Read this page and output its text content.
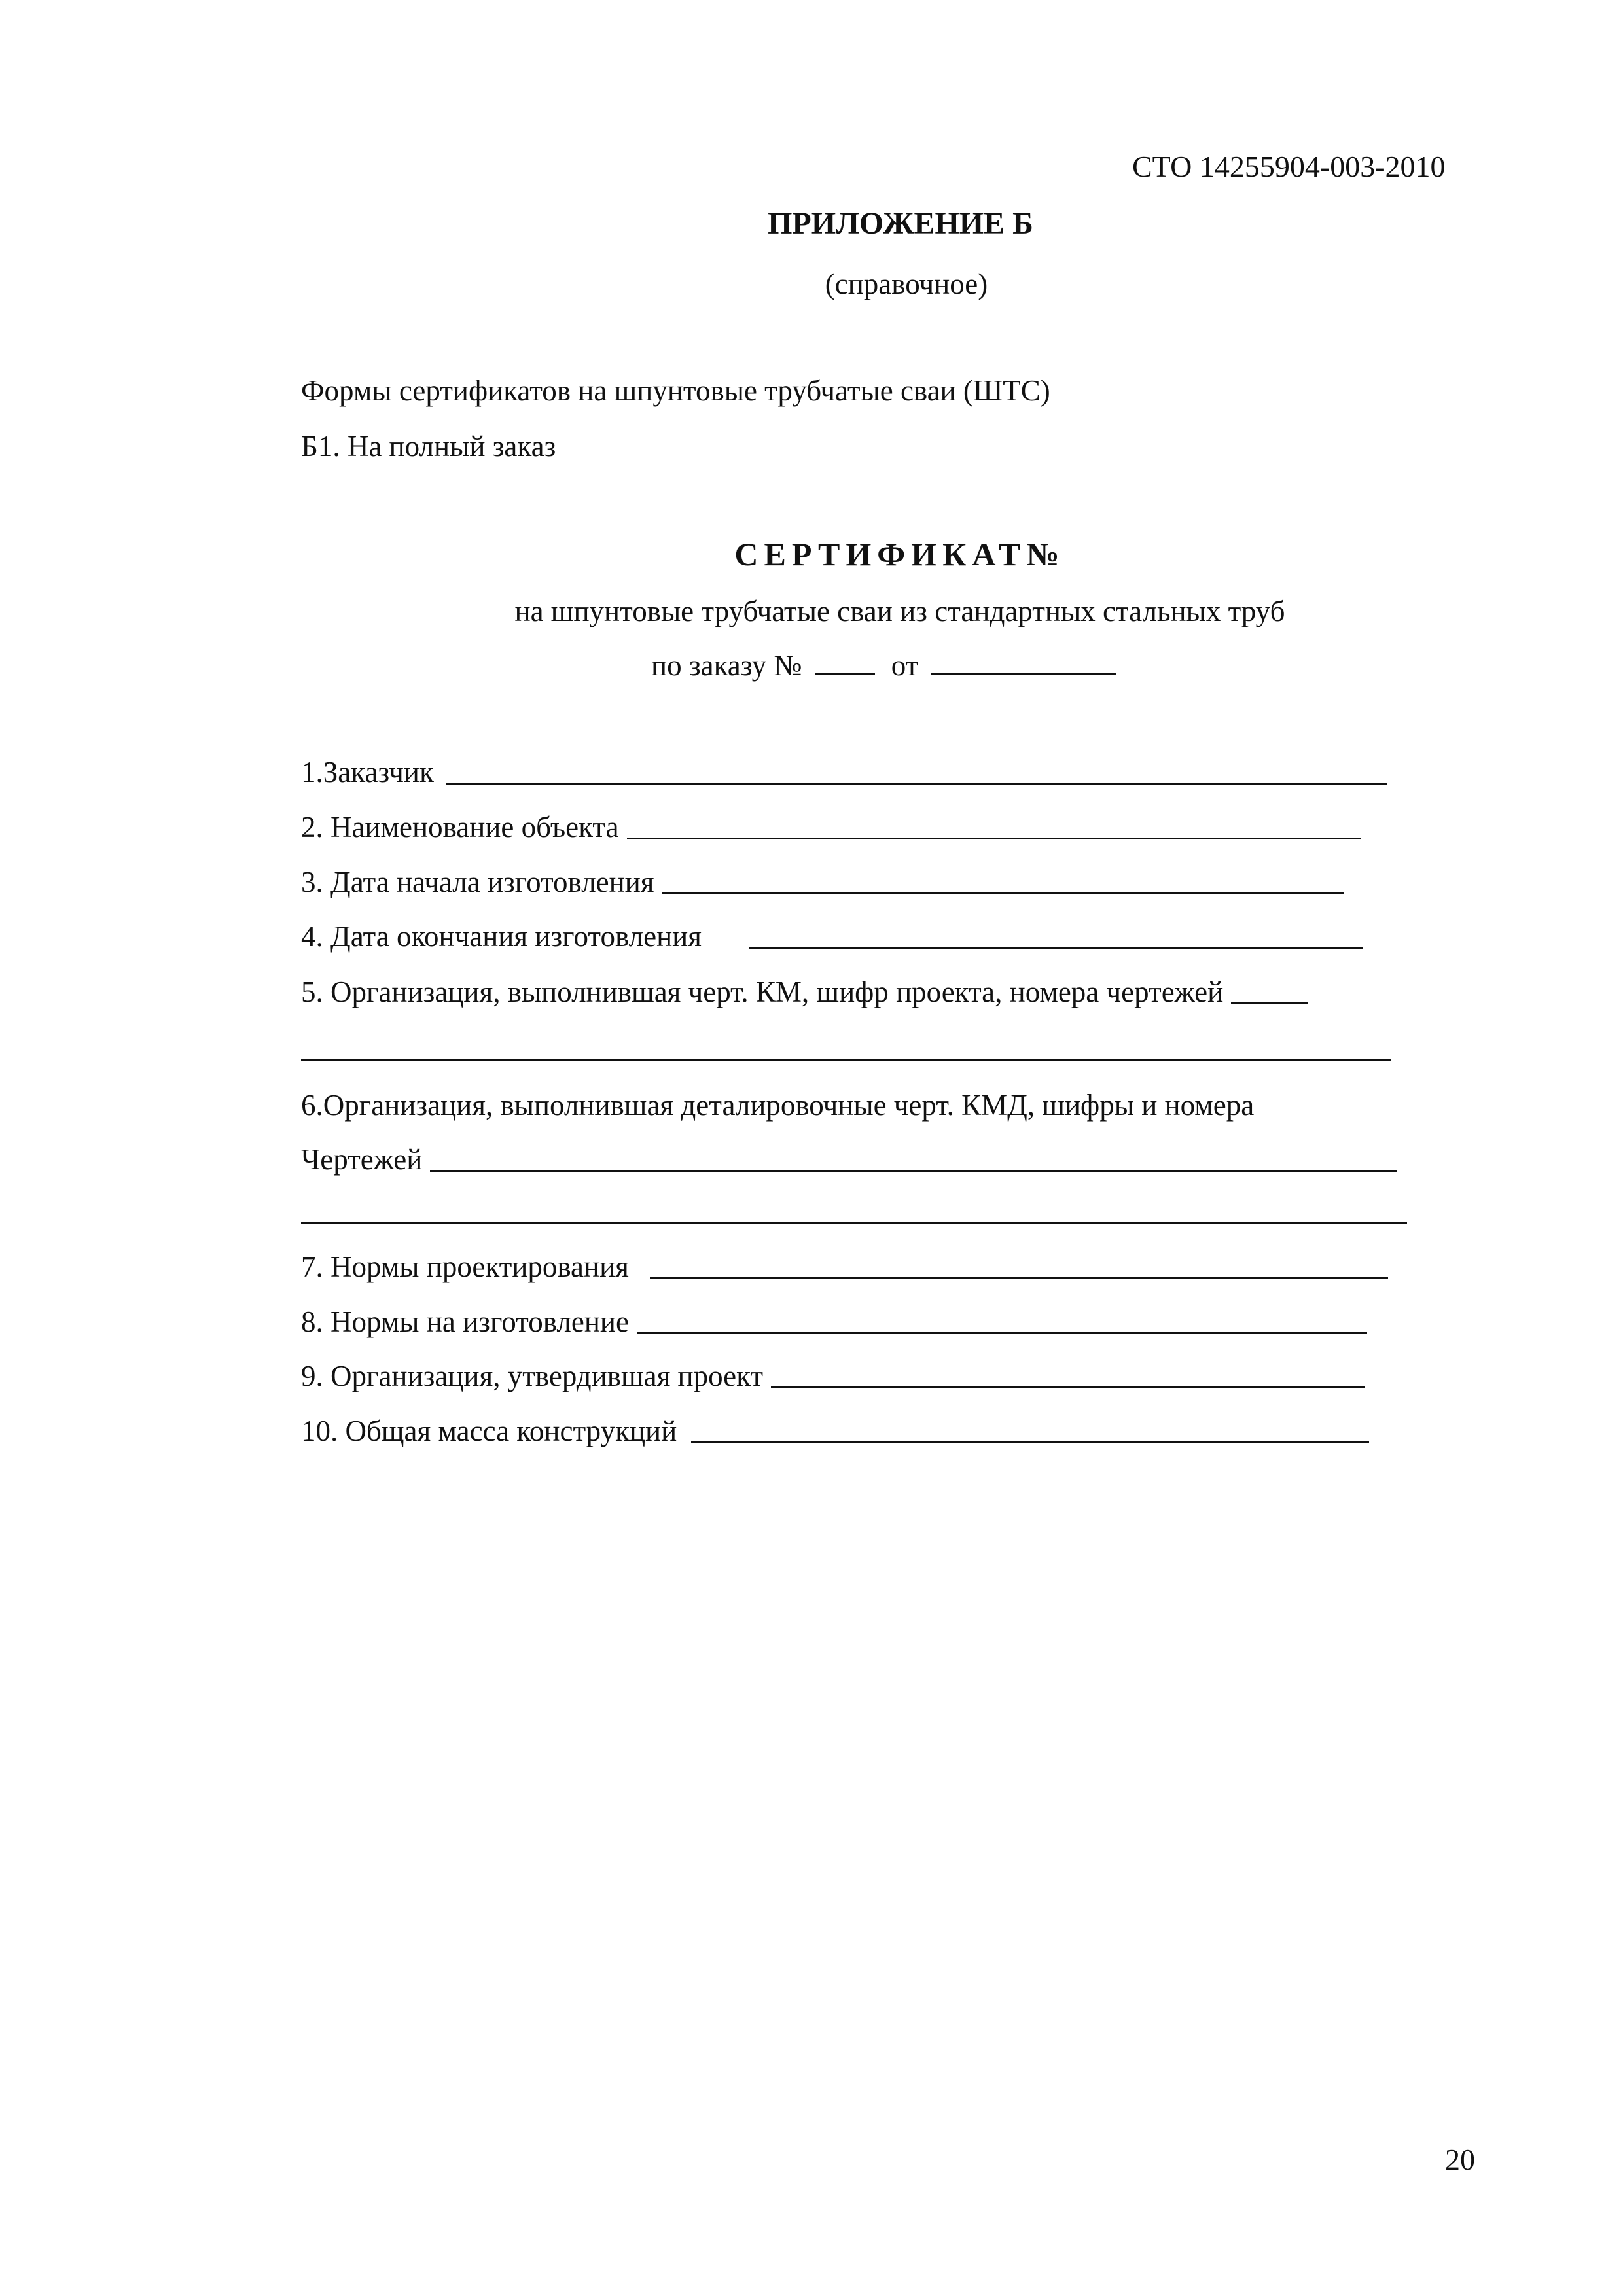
СТО 14255904-003-2010
ПРИЛОЖЕНИЕ Б
(справочное)
Формы сертификатов на шпунтовые трубчатые сваи (ШТС)
Б1. На полный заказ
СЕРТИФИКАТ№
на шпунтовые трубчатые сваи из стандартных стальных труб
по заказу №	от
1.Заказчик
2. Наименование объекта
3. Дата начала изготовления
4. Дата окончания изготовления
5. Организация, выполнившая черт. КМ, шифр проекта, номера чертежей
6.Организация, выполнившая деталировочные черт. КМД, шифры и номера
Чертежей
7. Нормы проектирования
8. Нормы на изготовление
9. Организация, утвердившая проект
10. Общая масса конструкций
20
